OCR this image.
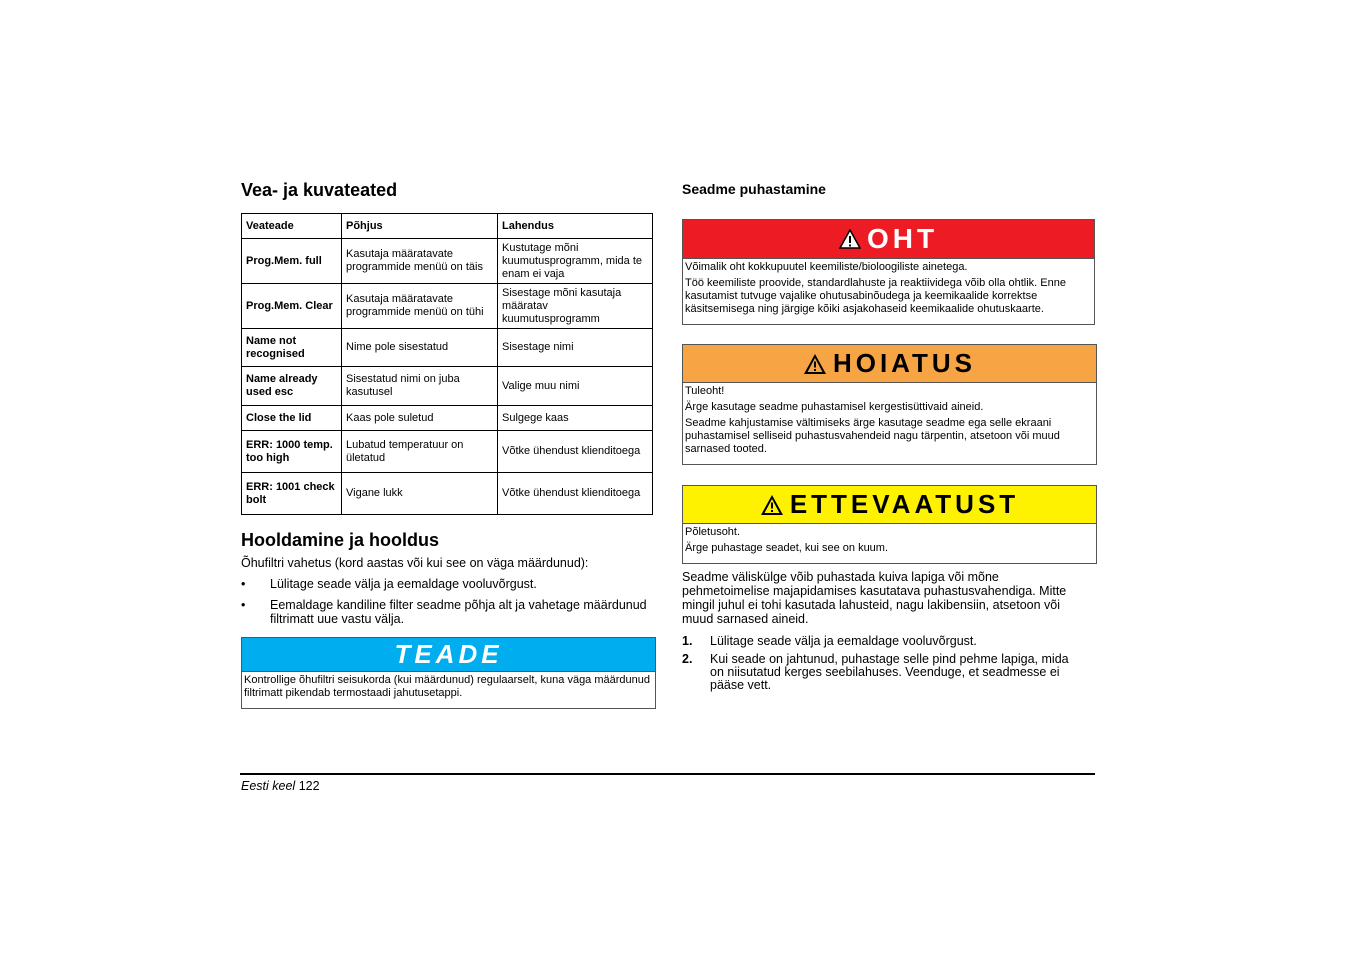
Vea- ja kuvateated
Veateade	Põhjus	Lahendus
Prog.Mem. full	Kasutaja määratavate programmide menüü on täis	Kustutage mõni kuumutusprogramm, mida te enam ei vaja
Prog.Mem. Clear	Kasutaja määratavate programmide menüü on tühi	Sisestage mõni kasutaja määratav kuumutusprogramm
Name not recognised	Nime pole sisestatud	Sisestage nimi
Name already used esc	Sisestatud nimi on juba kasutusel	Valige muu nimi
Close the lid	Kaas pole suletud	Sulgege kaas
ERR: 1000 temp. too high	Lubatud temperatuur on ületatud	Võtke ühendust klienditoega
ERR: 1001 check bolt	Vigane lukk	Võtke ühendust klienditoega
Hooldamine ja hooldus
Õhufiltri vahetus (kord aastas või kui see on väga määrdunud):
• Lülitage seade välja ja eemaldage vooluvõrgust.
• Eemaldage kandiline filter seadme põhja alt ja vahetage määrdunud filtrimatt uue vastu välja.
TEADE
Kontrollige õhufiltri seisukorda (kui määrdunud) regulaarselt, kuna väga määrdunud filtrimatt pikendab termostaadi jahutusetappi.
Seadme puhastamine
OHT

Võimalik oht kokkupuutel keemiliste/bioloogiliste ainetega.

Töö keemiliste proovide, standardlahuste ja reaktiividega võib olla ohtlik. Enne kasutamist tutvuge vajalike ohutusabinõudega ja keemikaalide korrektse käsitsemisega ning järgige kõiki asjakohaseid keemikaalide ohutuskaarte.

HOIATUS

Tuleoht!

Ärge kasutage seadme puhastamisel kergestisüttivaid aineid.

Seadme kahjustamise vältimiseks ärge kasutage seadme ega selle ekraani puhastamisel selliseid puhastusvahendeid nagu tärpentin, atsetoon või muud sarnased tooted.

ETTEVAATUST

Põletusoht.

Ärge puhastage seadet, kui see on kuum.

Seadme väliskülge võib puhastada kuiva lapiga või mõne pehmetoimelise majapidamises kasutatava puhastusvahendiga. Mitte mingil juhul ei tohi kasutada lahusteid, nagu lakibensiin, atsetoon või muud sarnased aineid.
1. Lülitage seade välja ja eemaldage vooluvõrgust.
2. Kui seade on jahtunud, puhastage selle pind pehme lapiga, mida on niisutatud kerges seebilahuses. Veenduge, et seadmesse ei pääse vett.
Eesti keel 122
